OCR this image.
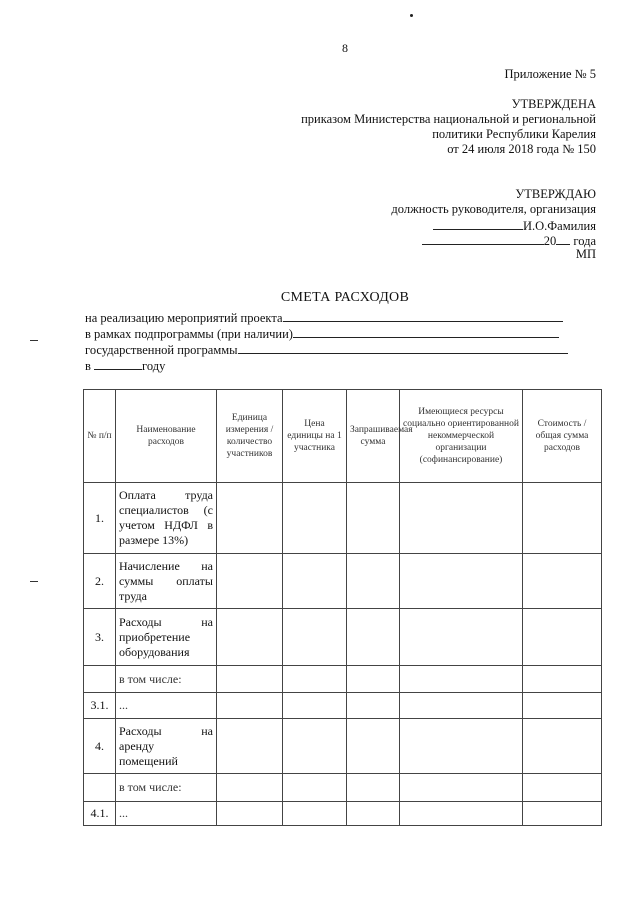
8
Приложение № 5
УТВЕРЖДЕНА
приказом Министерства национальной и региональной
политики Республики Карелия
от 24 июля 2018 года № 150
УТВЕРЖДАЮ
должность руководителя, организация
И.О.Фамилия
20 года
МП
СМЕТА РАСХОДОВ
на реализацию мероприятий проекта
в рамках подпрограммы (при наличии)
государственной программы
в	году
№ п/п	Наименование расходов	Единица измерения / количество участников	Цена единицы на 1 участника	Запрашиваемая сумма	Имеющиеся ресурсы социально ориентированной некоммерческой организации (софинансирование)	Стоимость / общая сумма расходов
1.	Оплата труда специалистов (с учетом НДФЛ в размере 13%)					
2.	Начисление на суммы оплаты труда					
3.	Расходы на приобретение оборудования					
	в том числе:					
3.1.	...					
4.	Расходы на аренду помещений					
	в том числе:					
4.1.	...					
